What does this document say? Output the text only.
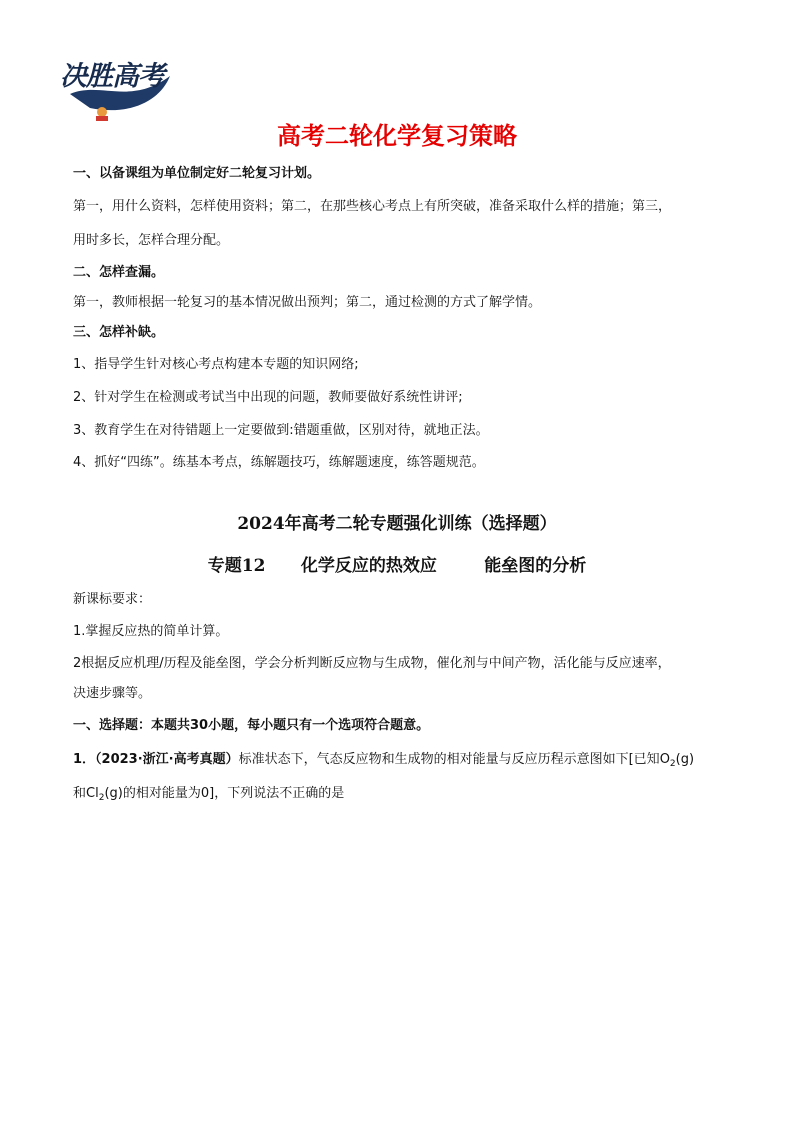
决胜高考
高考二轮化学复习策略
一、以备课组为单位制定好二轮复习计划。
第一，用什么资料，怎样使用资料；第二，在那些核心考点上有所突破，准备采取什么样的措施；第三，
用时多长，怎样合理分配。
二、怎样查漏。
第一，教师根据一轮复习的基本情况做出预判；第二，通过检测的方式了解学情。
三、怎样补缺。
1、指导学生针对核心考点构建本专题的知识网络;
2、针对学生在检测或考试当中出现的问题，教师要做好系统性讲评;
3、教育学生在对待错题上一定要做到:错题重做，区别对待，就地正法。
4、抓好“四练”。练基本考点，练解题技巧，练解题速度，练答题规范。
2024年高考二轮专题强化训练（选择题）
专题12      化学反应的热效应        能垒图的分析
新课标要求：
1.掌握反应热的简单计算。
2根据反应机理/历程及能垒图，学会分析判断反应物与生成物，催化剂与中间产物，活化能与反应速率，
决速步骤等。
一、选择题：本题共30小题，每小题只有一个选项符合题意。
1．（2023·浙江·高考真题）标准状态下，气态反应物和生成物的相对能量与反应历程示意图如下[已知$O_2(g)$
和$Cl_2(g)$的相对能量为0]，下列说法不正确的是
